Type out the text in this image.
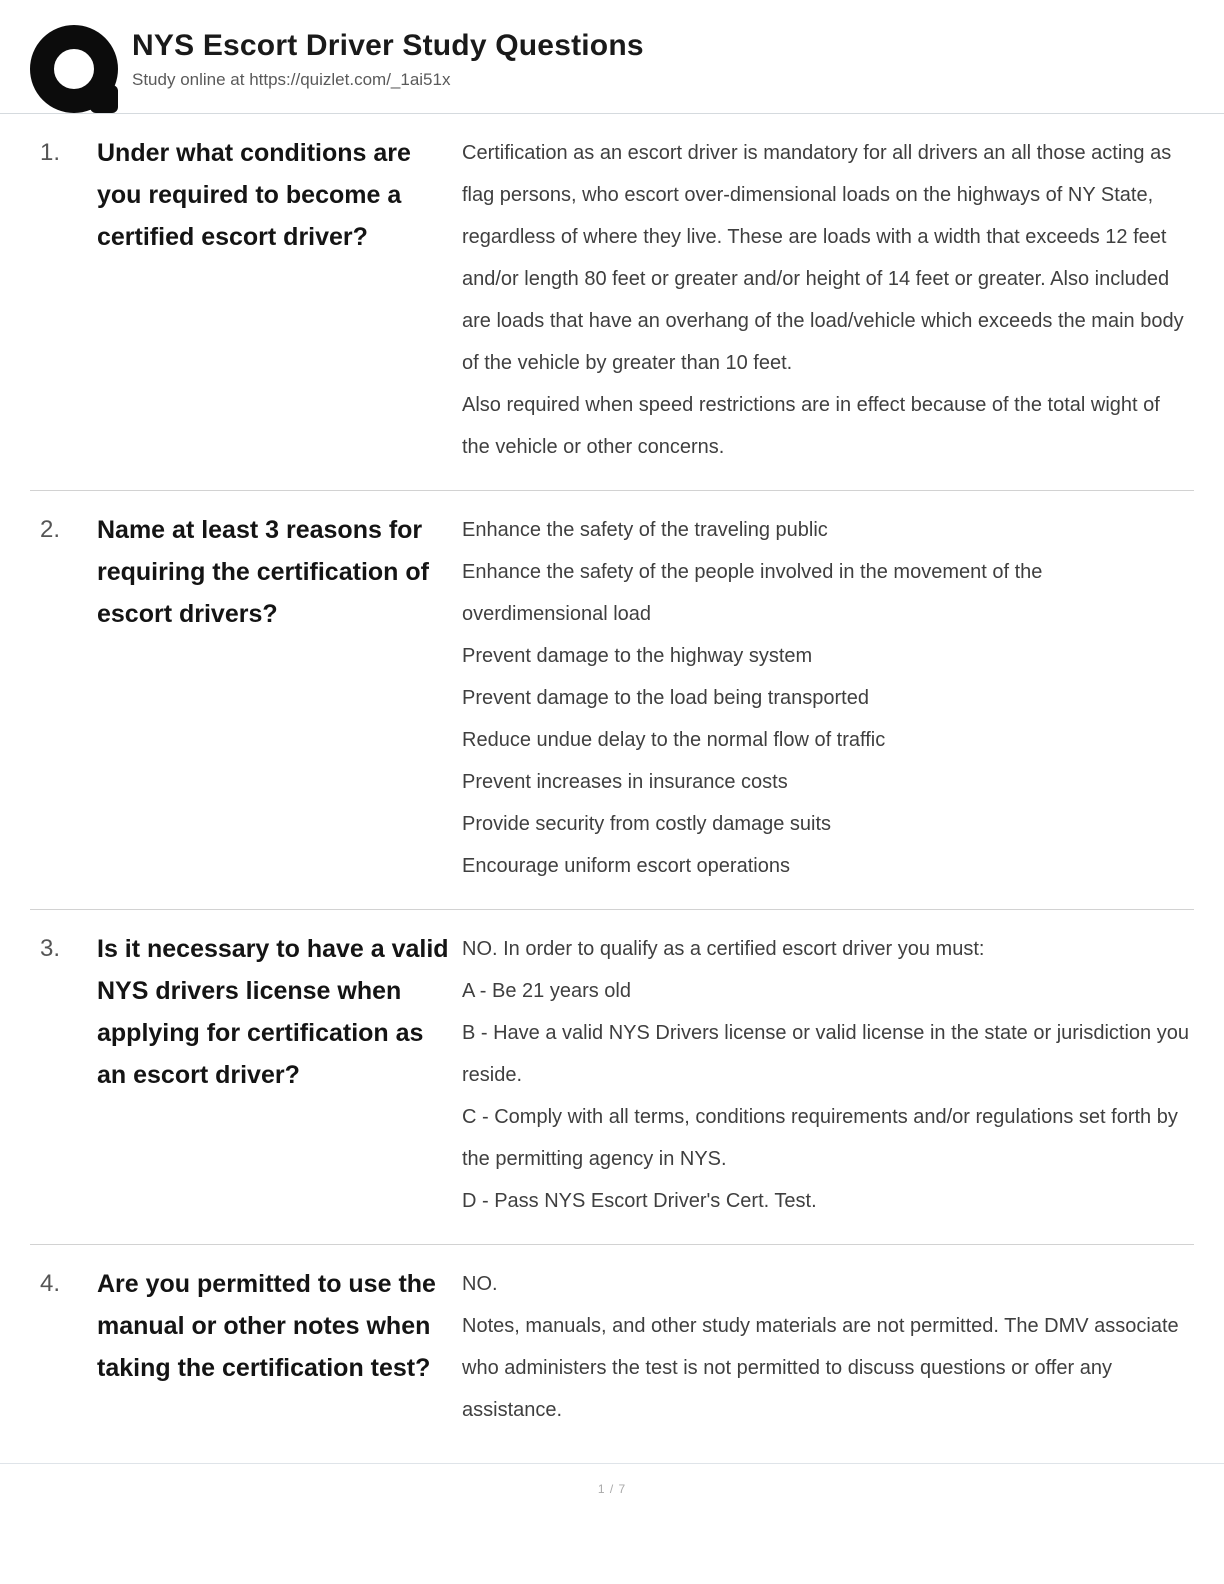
NYS Escort Driver Study Questions
Study online at https://quizlet.com/_1ai51x
1.	Under what conditions are you required to become a certified escort driver?

Certification as an escort driver is mandatory for all drivers an all those acting as flag persons, who escort over-dimensional loads on the highways of NY State, regardless of where they live. These are loads with a width that exceeds 12 feet and/or length 80 feet or greater and/or height of 14 feet or greater. Also included are loads that have an overhang of the load/vehicle which exceeds the main body of the vehicle by greater than 10 feet.

Also required when speed restrictions are in effect because of the total wight of the vehicle or other concerns.

2.	Name at least 3 reasons for requiring the certification of escort drivers?

Enhance the safety of the traveling public

Enhance the safety of the people involved in the movement of the overdimensional load

Prevent damage to the highway system

Prevent damage to the load being transported

Reduce undue delay to the normal flow of traffic

Prevent increases in insurance costs

Provide security from costly damage suits

Encourage uniform escort operations

3.	Is it necessary to have a valid NYS drivers license when applying for certification as an escort driver?

NO. In order to qualify as a certified escort driver you must:

A - Be 21 years old

B - Have a valid NYS Drivers license or valid license in the state or jurisdiction you reside.

C - Comply with all terms, conditions requirements and/or regulations set forth by the permitting agency in NYS.

D - Pass NYS Escort Driver's Cert. Test.

4.	Are you permitted to use the manual or other notes when taking the certification test?

NO.

Notes, manuals, and other study materials are not permitted. The DMV associate who administers the test is not permitted to discuss questions or offer any assistance.

1 / 7
